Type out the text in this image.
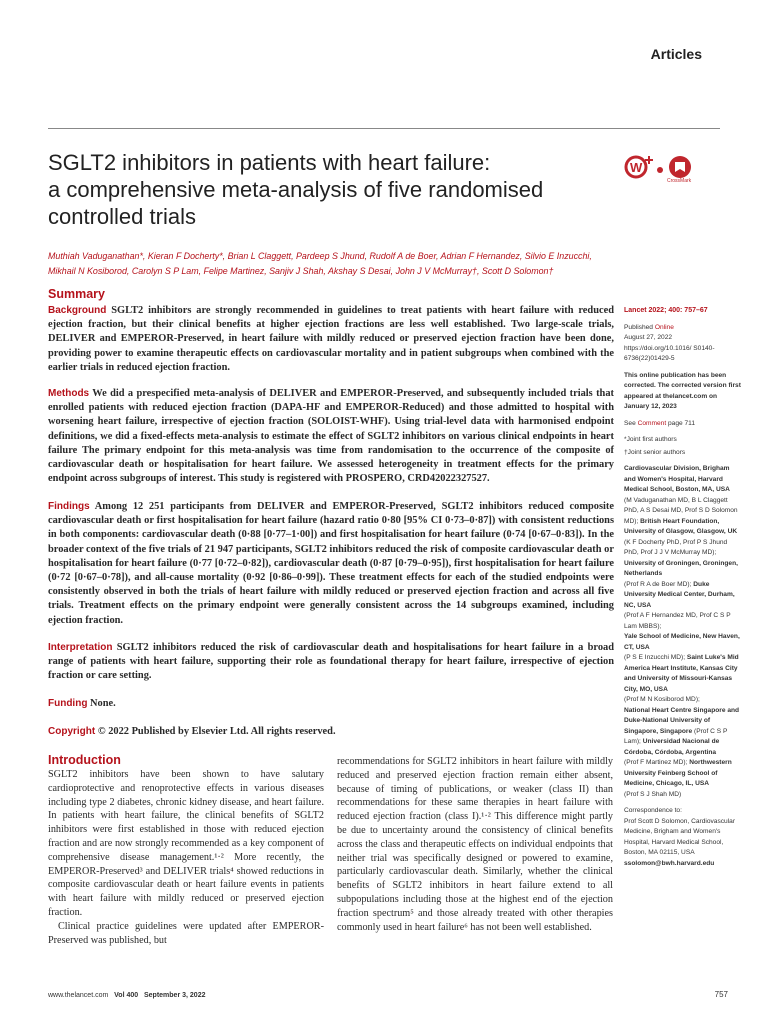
Articles
SGLT2 inhibitors in patients with heart failure:
a comprehensive meta-analysis of five randomised
controlled trials
W
CrossMark
Muthiah Vaduganathan*, Kieran F Docherty*, Brian L Claggett, Pardeep S Jhund, Rudolf A de Boer, Adrian F Hernandez, Silvio E Inzucchi, Mikhail N Kosiborod, Carolyn S P Lam, Felipe Martinez, Sanjiv J Shah, Akshay S Desai, John J V McMurray†, Scott D Solomon†
Summary

Background SGLT2 inhibitors are strongly recommended in guidelines to treat patients with heart failure with reduced ejection fraction, but their clinical benefits at higher ejection fractions are less well established. Two large-scale trials, DELIVER and EMPEROR-Preserved, in heart failure with mildly reduced or preserved ejection fraction have been done, providing power to examine therapeutic effects on cardiovascular mortality and in patient subgroups when combined with the earlier trials in reduced ejection fraction.

Methods We did a prespecified meta-analysis of DELIVER and EMPEROR-Preserved, and subsequently included trials that enrolled patients with reduced ejection fraction (DAPA-HF and EMPEROR-Reduced) and those admitted to hospital with worsening heart failure, irrespective of ejection fraction (SOLOIST-WHF). Using trial-level data with harmonised endpoint definitions, we did a fixed-effects meta-analysis to estimate the effect of SGLT2 inhibitors on various clinical endpoints in heart failure The primary endpoint for this meta-analysis was time from randomisation to the occurrence of the composite of cardiovascular death or hospitalisation for heart failure. We assessed heterogeneity in treatment effects for the primary endpoint across subgroups of interest. This study is registered with PROSPERO, CRD42022327527.

Findings Among 12 251 participants from DELIVER and EMPEROR-Preserved, SGLT2 inhibitors reduced composite cardiovascular death or first hospitalisation for heart failure (hazard ratio 0·80 [95% CI 0·73–0·87]) with consistent reductions in both components: cardiovascular death (0·88 [0·77–1·00]) and first hospitalisation for heart failure (0·74 [0·67–0·83]). In the broader context of the five trials of 21 947 participants, SGLT2 inhibitors reduced the risk of composite cardiovascular death or hospitalisation for heart failure (0·77 [0·72–0·82]), cardiovascular death (0·87 [0·79–0·95]), first hospitalisation for heart failure (0·72 [0·67–0·78]), and all-cause mortality (0·92 [0·86–0·99]). These treatment effects for each of the studied endpoints were consistently observed in both the trials of heart failure with mildly reduced or preserved ejection fraction and across all five trials. Treatment effects on the primary endpoint were generally consistent across the 14 subgroups examined, including ejection fraction.

Interpretation SGLT2 inhibitors reduced the risk of cardiovascular death and hospitalisations for heart failure in a broad range of patients with heart failure, supporting their role as foundational therapy for heart failure, irrespective of ejection fraction or care setting.

Funding None.

Copyright © 2022 Published by Elsevier Ltd. All rights reserved.

Lancet 2022; 400: 757–67

Published Online
August 27, 2022
https://doi.org/10.1016/ S0140-6736(22)01429-5

This online publication has been corrected. The corrected version first appeared at thelancet.com on January 12, 2023

See Comment page 711

*Joint first authors

†Joint senior authors

Cardiovascular Division, Brigham and Women's Hospital, Harvard Medical School, Boston, MA, USA
(M Vaduganathan MD, B L Claggett PhD, A S Desai MD, Prof S D Solomon MD); British Heart Foundation, University of Glasgow, Glasgow, UK
(K F Docherty PhD, Prof P S Jhund PhD, Prof J J V McMurray MD); University of Groningen, Groningen, Netherlands
(Prof R A de Boer MD); Duke University Medical Center, Durham, NC, USA
(Prof A F Hernandez MD, Prof C S P Lam MBBS);
Yale School of Medicine, New Haven, CT, USA
(P S E Inzucchi MD); Saint Luke's Mid America Heart Institute, Kansas City and University of Missouri-Kansas City, MO, USA
(Prof M N Kosiborod MD);
National Heart Centre Singapore and Duke-National University of Singapore, Singapore (Prof C S P Lam); Universidad Nacional de Córdoba, Córdoba, Argentina
(Prof F Martinez MD); Northwestern University Feinberg School of Medicine, Chicago, IL, USA
(Prof S J Shah MD)

Correspondence to:
Prof Scott D Solomon, Cardiovascular Medicine, Brigham and Women's Hospital, Harvard Medical School, Boston, MA 02115, USA
ssolomon@bwh.harvard.edu

Introduction

SGLT2 inhibitors have been shown to have salutary cardioprotective and renoprotective effects in various diseases including type 2 diabetes, chronic kidney disease, and heart failure. In patients with heart failure, the clinical benefits of SGLT2 inhibitors were first established in those with reduced ejection fraction and are now strongly recommended as a key component of comprehensive disease management.¹·² More recently, the EMPEROR-Preserved³ and DELIVER trials⁴ showed reductions in composite cardiovascular death or heart failure events in patients with heart failure with mildly reduced or preserved ejection fraction.

Clinical practice guidelines were updated after EMPEROR-Preserved was published, but

recommendations for SGLT2 inhibitors in heart failure with mildly reduced and preserved ejection fraction remain either absent, because of timing of publications, or weaker (class II) than recommendations for these same therapies in heart failure with reduced ejection fraction (class I).¹·² This difference might partly be due to uncertainty around the consistency of clinical benefits across the class and therapeutic effects on individual endpoints that neither trial was specifically designed or powered to examine, particularly cardiovascular death. Similarly, whether the clinical benefits of SGLT2 inhibitors in heart failure extend to all subpopulations including those at the highest end of the ejection fraction spectrum⁵ and those already treated with other therapies commonly used in heart failure⁶ has not been well established.

www.thelancet.com Vol 400 September 3, 2022	757
